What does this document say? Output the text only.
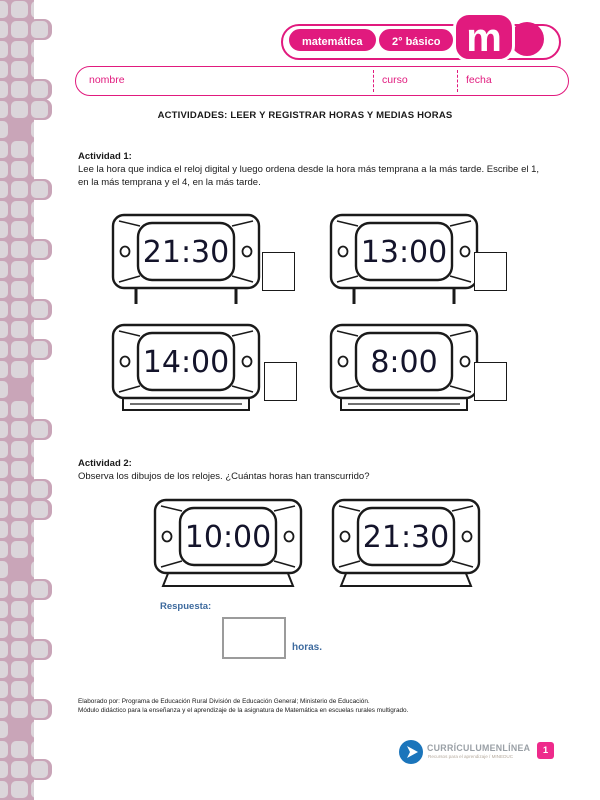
matemática	2° básico m
nombre	curso	fecha
ACTIVIDADES: LEER Y REGISTRAR HORAS Y MEDIAS HORAS
Actividad 1:
Lee la hora que indica el reloj digital y luego ordena desde la hora más temprana a la más tarde. Escribe el 1, en la más temprana y el 4, en la más tarde.
21:30	13:00
14:00	8:00
Actividad 2:
Observa los dibujos de los relojes. ¿Cuántas horas han transcurrido?
10:00	21:30
Respuesta:
horas.
Elaborado por: Programa de Educación Rural División de Educación General; Ministerio de Educación.
Módulo didáctico para la enseñanza y el aprendizaje de la asignatura de Matemática en escuelas rurales multigrado.
CURRÍCULUMENLÍNEA
Recursos para el aprendizaje / MINEDUC
1
